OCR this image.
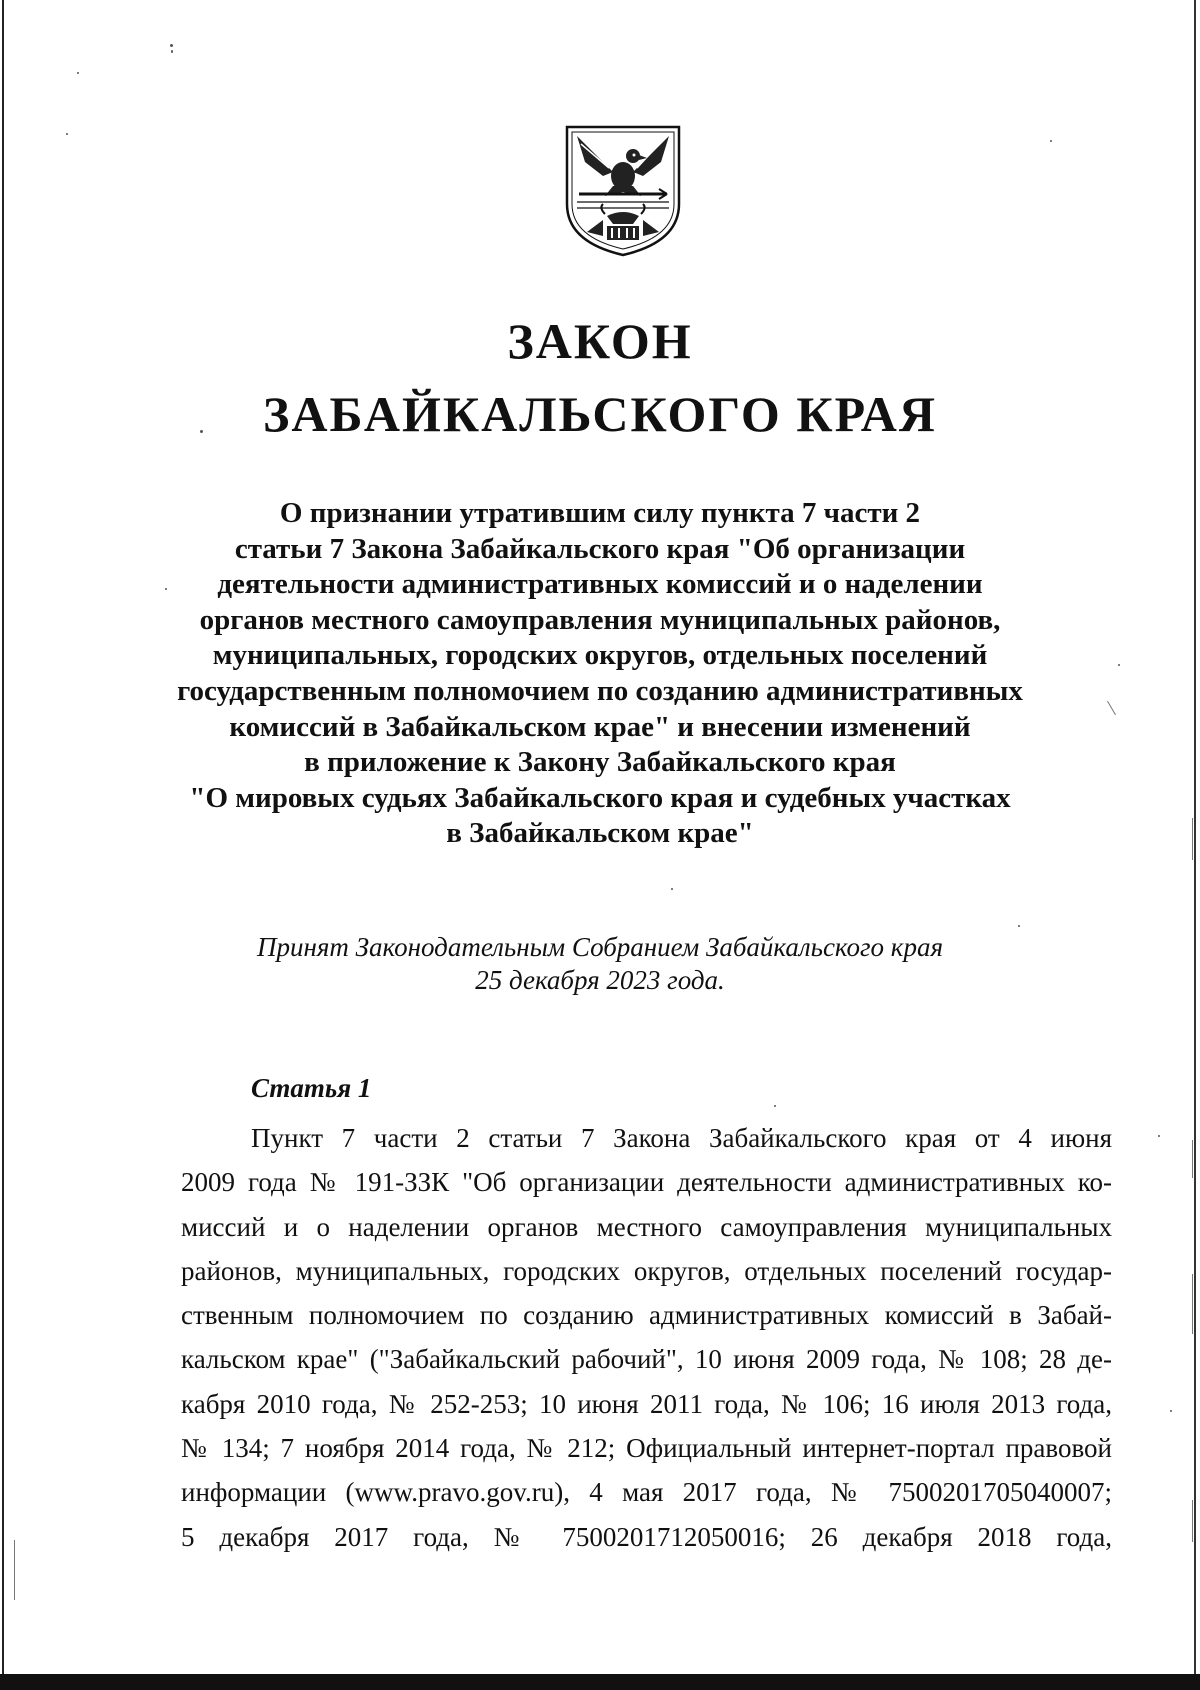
ЗАКОН
ЗАБАЙКАЛЬСКОГО КРАЯ
О признании утратившим силу пункта 7 части 2
статьи 7 Закона Забайкальского края "Об организации
деятельности административных комиссий и о наделении
органов местного самоуправления муниципальных районов,
муниципальных, городских округов, отдельных поселений
государственным полномочием по созданию административных
комиссий в Забайкальском крае" и внесении изменений
в приложение к Закону Забайкальского края
"О мировых судьях Забайкальского края и судебных участках
в Забайкальском крае"
Принят Законодательным Собранием Забайкальского края
25 декабря 2023 года.
Статья 1
Пункт 7 части 2 статьи 7 Закона Забайкальского края от 4 июня
2009 года № 191-ЗЗК "Об организации деятельности административных ко-
миссий и о наделении органов местного самоуправления муниципальных
районов, муниципальных, городских округов, отдельных поселений государ-
ственным полномочием по созданию административных комиссий в Забай-
кальском крае" ("Забайкальский рабочий", 10 июня 2009 года, № 108; 28 де-
кабря 2010 года, № 252-253; 10 июня 2011 года, № 106; 16 июля 2013 года,
№ 134; 7 ноября 2014 года, № 212; Официальный интернет-портал правовой
информации (www.pravo.gov.ru), 4 мая 2017 года, № 7500201705040007;
5 декабря 2017 года, № 7500201712050016; 26 декабря 2018 года,
